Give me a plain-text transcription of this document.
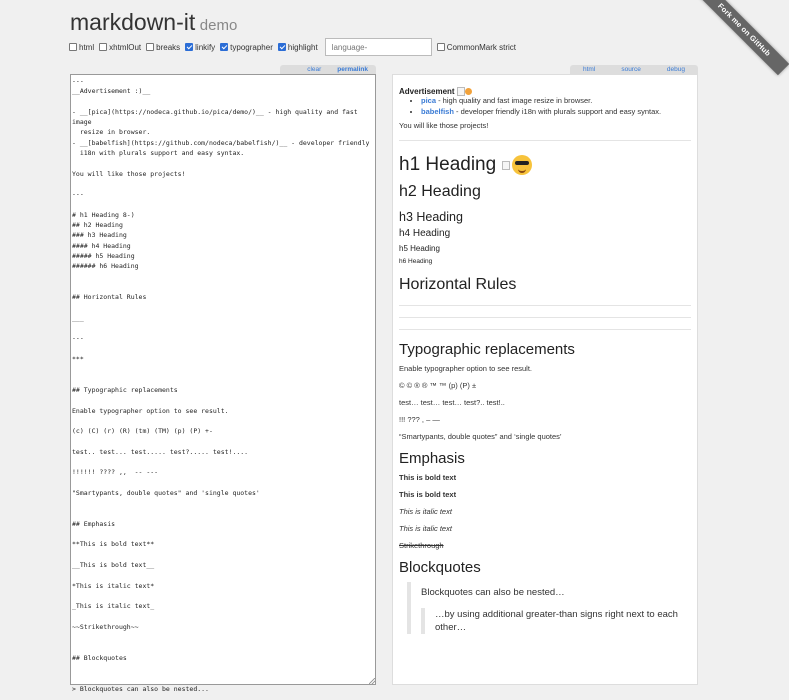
markdown-it demo	Fork me on GitHub
html xhtmlOut breaks linkify typographer highlight
language-	CommonMark strict
clear	permalink	html	source	debug
---
__Advertisement :)__

- __[pica](https://nodeca.github.io/pica/demo/)__ - high quality and fast
image
resize in browser.
- __[babelfish](https://github.com/nodeca/babelfish/)__ - developer friendly
i18n with plurals support and easy syntax.

You will like those projects!

---

# h1 Heading 8-)
## h2 Heading
### h3 Heading
#### h4 Heading
##### h5 Heading
###### h6 Heading

## Horizontal Rules

___

---

***

## Typographic replacements

Enable typographer option to see result.

(c) (C) (r) (R) (tm) (TM) (p) (P) +-

test.. test... test..... test?..... test!....

!!!!!! ???? ,,  -- ---

"Smartypants, double quotes" and 'single quotes'

## Emphasis

**This is bold text**

__This is bold text__

*This is italic text*

_This is italic text_

~~Strikethrough~~

## Blockquotes

> Blockquotes can also be nested...

Advertisement

• pica - high quality and fast image resize in browser.
• babelfish - developer friendly i18n with plurals support and easy syntax.

You will like those projects!

h1 Heading
h2 Heading
h3 Heading
h4 Heading
h5 Heading
h6 Heading
Horizontal Rules
Typographic replacements

Enable typographer option to see result.

© © ® ® ™ ™ (p) (P) ±

test… test… test… test?.. test!..

!!! ??? , – —

“Smartypants, double quotes” and ‘single quotes’

Emphasis

This is bold text

This is bold text

This is italic text

This is italic text

Strikethrough

Blockquotes

Blockquotes can also be nested…

…by using additional greater-than signs right next to each other…
